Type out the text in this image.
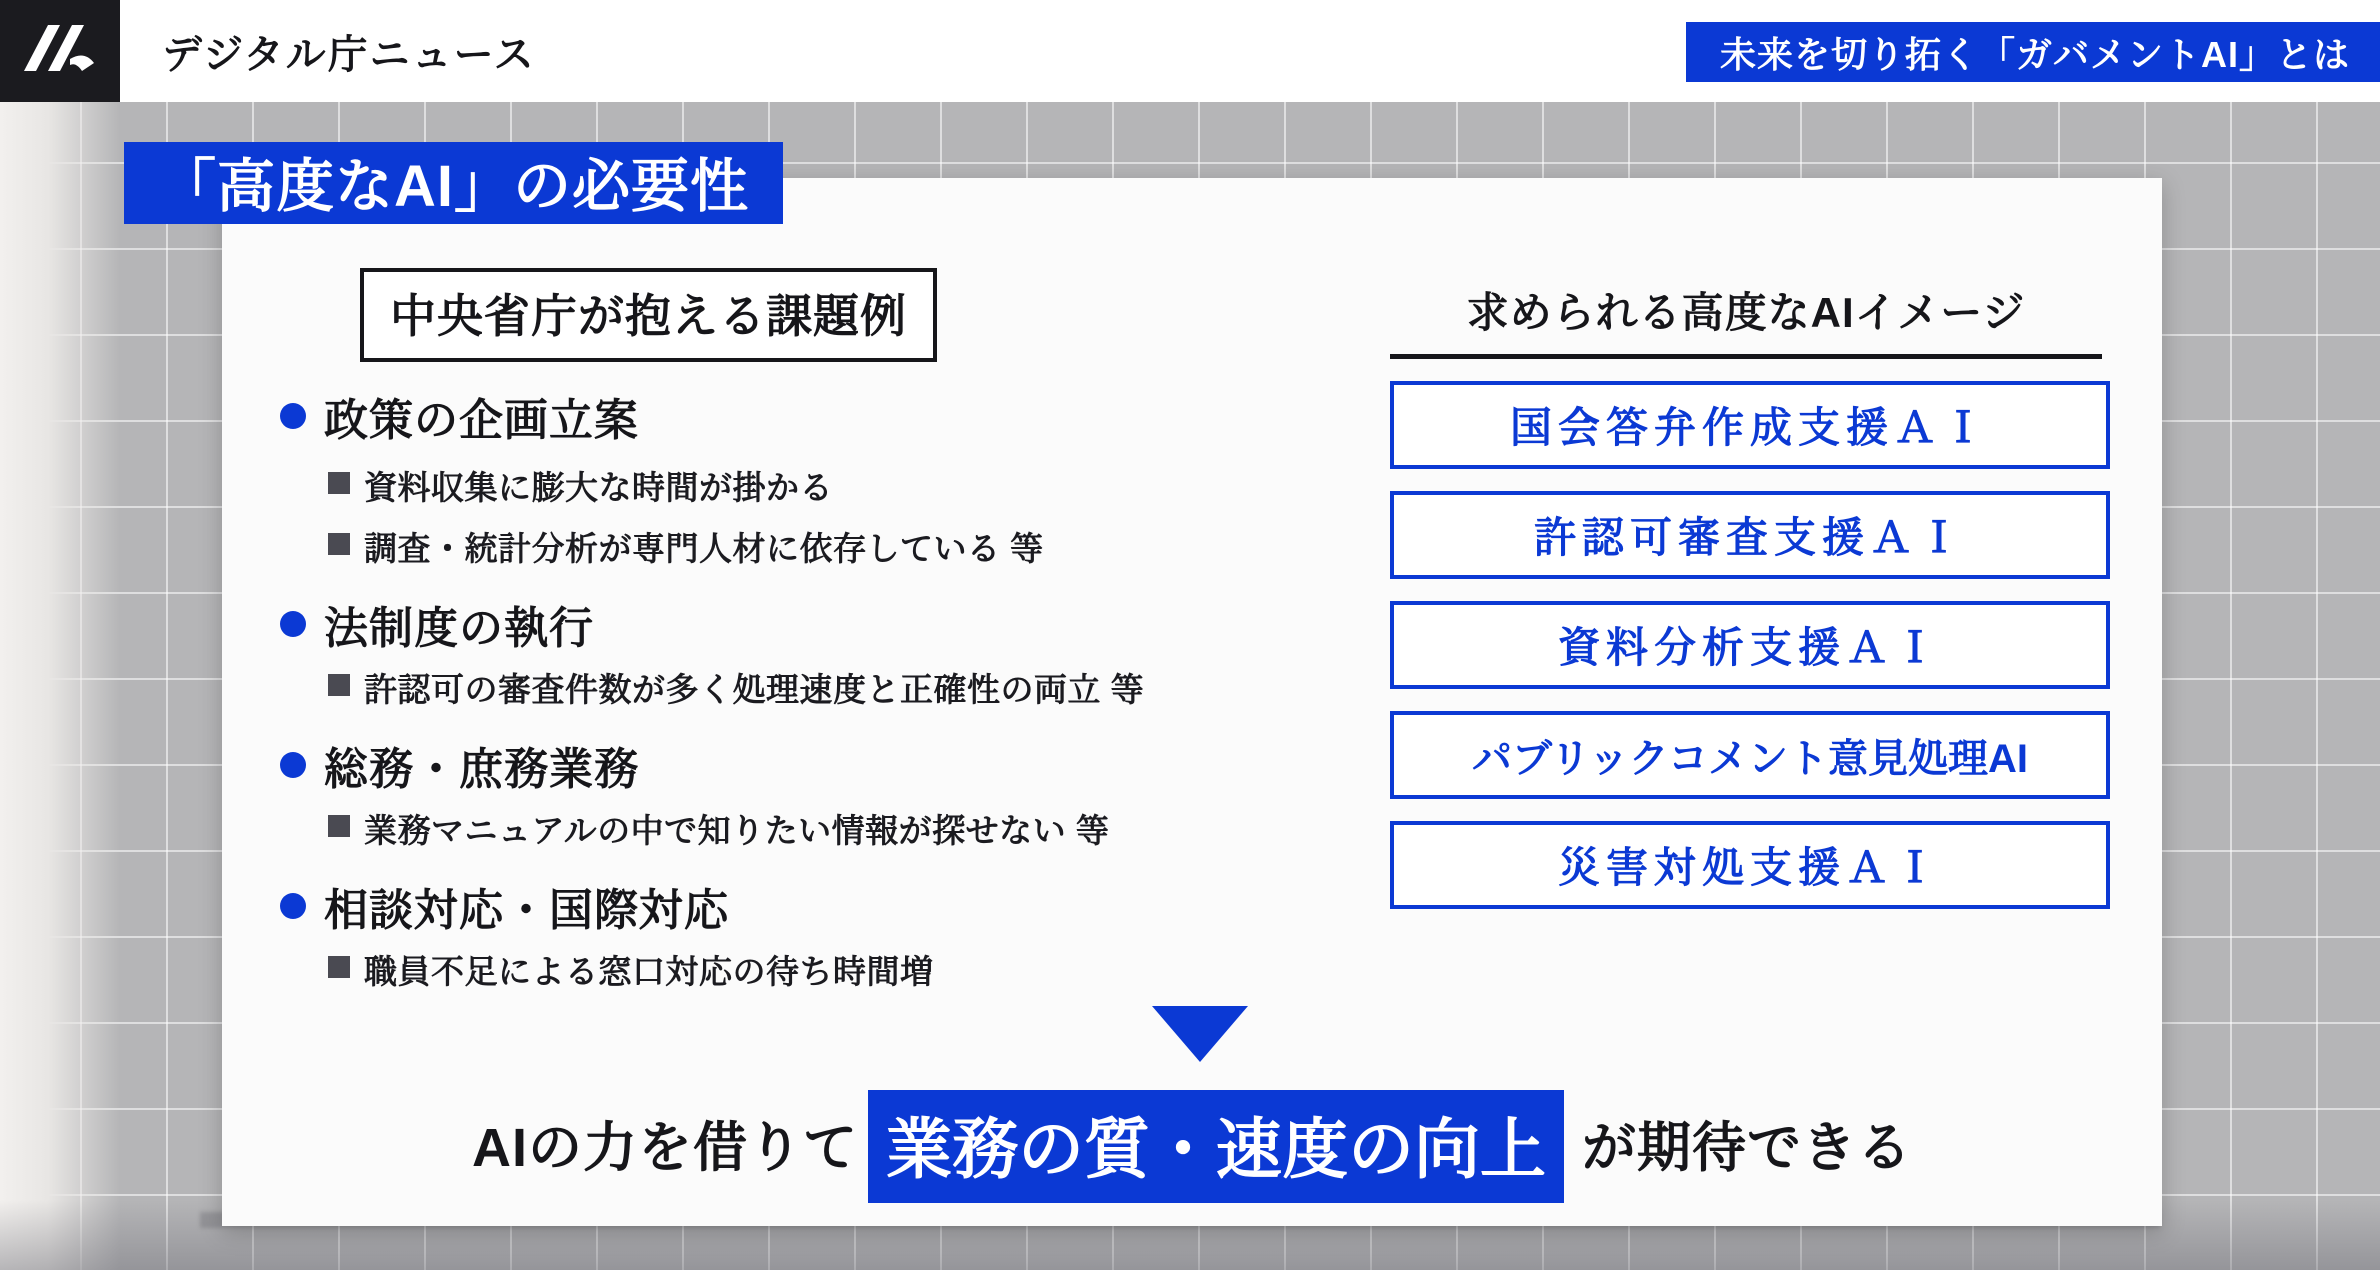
デジタル庁ニュース	未来を切り拓く「ガバメントAI」とは
「高度なAI」の必要性
中央省庁が抱える課題例
政策の企画立案
資料収集に膨大な時間が掛かる
調査・統計分析が専門人材に依存している 等
法制度の執行
許認可の審査件数が多く処理速度と正確性の両立 等
総務・庶務業務
業務マニュアルの中で知りたい情報が探せない 等
相談対応・国際対応
職員不足による窓口対応の待ち時間増
求められる高度なAIイメージ
国会答弁作成支援ＡＩ
許認可審査支援ＡＩ
資料分析支援ＡＩ
パブリックコメント意見処理AI
災害対処支援ＡＩ
AIの力を借りて 業務の質・速度の向上 が期待できる
